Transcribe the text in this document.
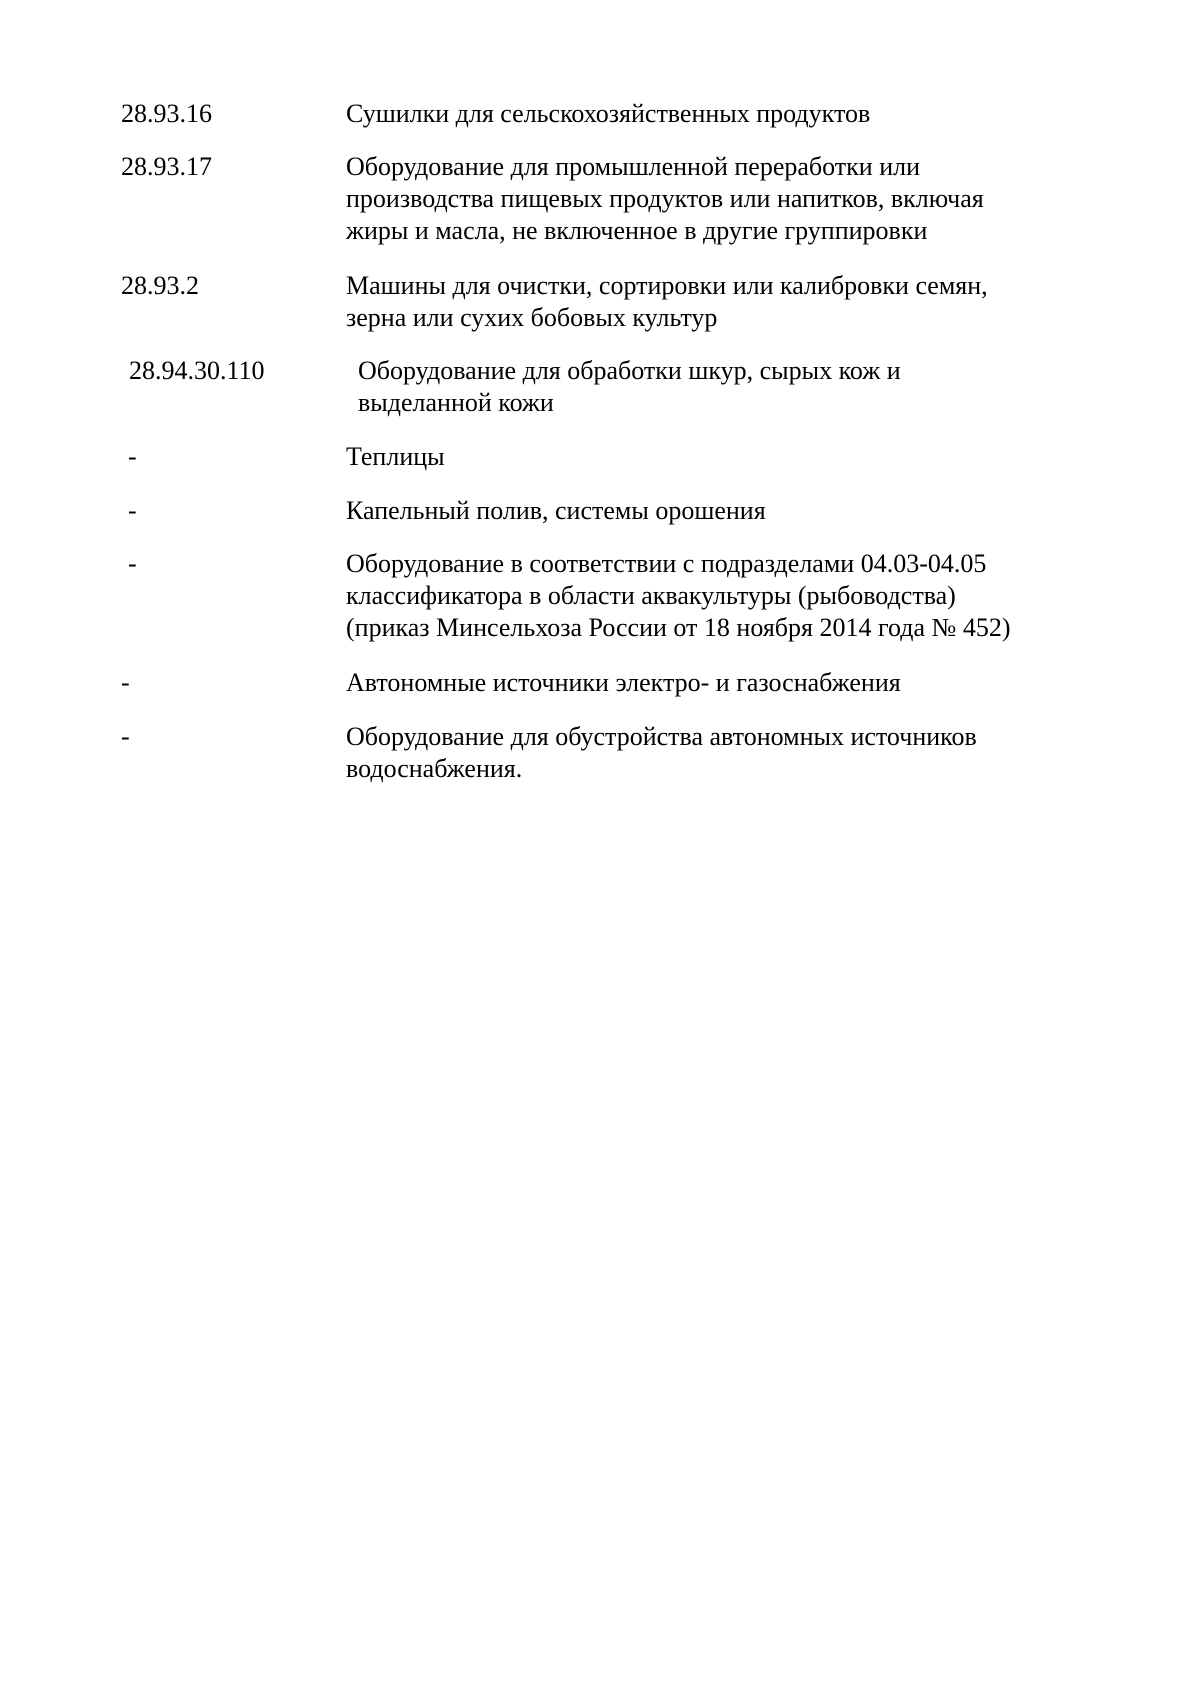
28.93.16	Сушилки для сельскохозяйственных продуктов
28.93.17	Оборудование для промышленной переработки или
производства пищевых продуктов или напитков, включая
жиры и масла, не включенное в другие группировки
28.93.2	Машины для очистки, сортировки или калибровки семян,
зерна или сухих бобовых культур
28.94.30.110	Оборудование для обработки шкур, сырых кож и
выделанной кожи
-	Теплицы
-	Капельный полив, системы орошения
-	Оборудование в соответствии с подразделами 04.03-04.05
классификатора в области аквакультуры (рыбоводства)
(приказ Минсельхоза России от 18 ноября 2014 года № 452)
-	Автономные источники электро- и газоснабжения
-	Оборудование для обустройства автономных источников
водоснабжения.
